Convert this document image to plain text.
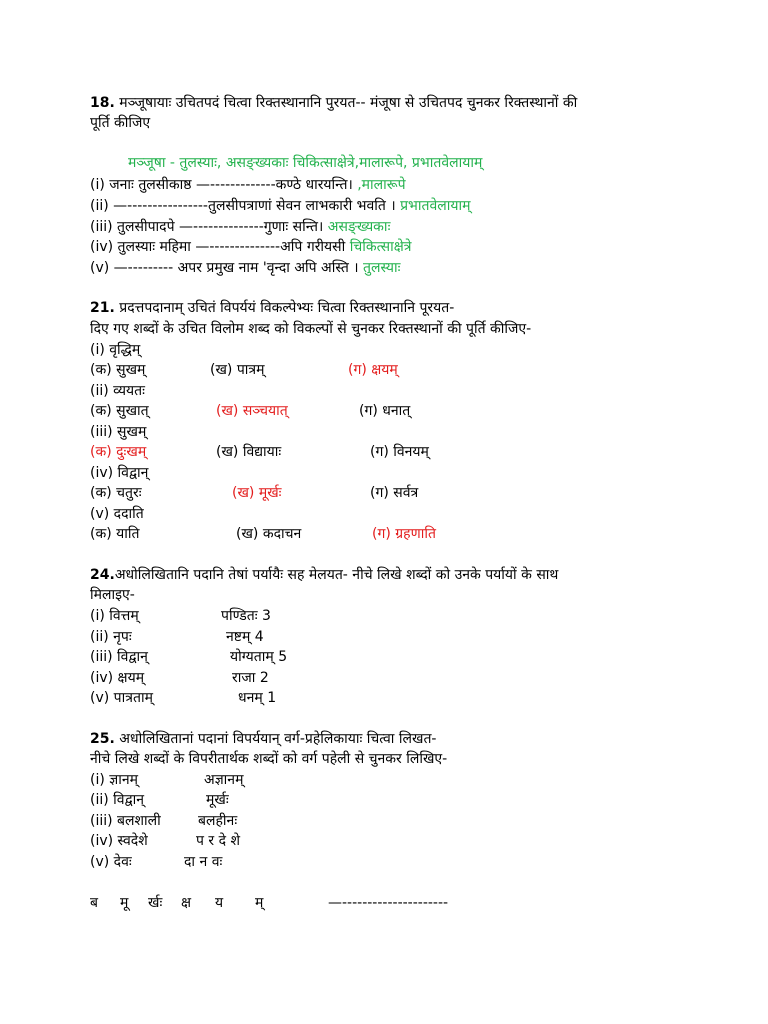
18. मञ्जूषायाः उचितपदं चित्वा रिक्तस्थानानि पुरयत-- मंजूषा से उचितपद चुनकर रिक्तस्थानों की
पूर्ति कीजिए
मञ्जूषा - तुलस्याः, असङ्ख्यकाः चिकित्साक्षेत्रे,मालारूपे, प्रभातवेलायाम्
(i) जनाः तुलसीकाष्ठ —-------------कण्ठे धारयन्ति। ,मालारूपे
(ii) —----------------तुलसीपत्राणां सेवन लाभकारी भवति । प्रभातवेलायाम्
(iii) तुलसीपादपे —--------------गुणाः सन्ति। असङ्ख्यकाः
(iv) तुलस्याः महिमा —--------------अपि गरीयसी चिकित्साक्षेत्रे
(v) —--------- अपर प्रमुख नाम 'वृन्दा अपि अस्ति । तुलस्याः
21. प्रदत्तपदानाम् उचितं विपर्ययं विकल्पेभ्यः चित्वा रिक्तस्थानानि पूरयत-
दिए गए शब्दों के उचित विलोम शब्द को विकल्पों से चुनकर रिक्तस्थानों की पूर्ति कीजिए-
(i) वृद्धिम्
(क) सुखम्	(ख) पात्रम्	(ग) क्षयम्
(ii) व्ययतः
(क) सुखात्	(ख) सञ्चयात्	(ग) धनात्
(iii) सुखम्
(क) दुःखम्	(ख) विद्यायाः	(ग) विनयम्
(iv) विद्वान्
(क) चतुरः	(ख) मूर्खः	(ग) सर्वत्र
(v) ददाति
(क) याति	(ख) कदाचन	(ग) ग्रहणाति
24.अधोलिखितानि पदानि तेषां पर्यायैः सह मेलयत- नीचे लिखे शब्दों को उनके पर्यायों के साथ
मिलाइए-
(i) वित्तम्	पण्डितः 3
(ii) नृपः	नष्टम् 4
(iii) विद्वान्	योग्यताम् 5
(iv) क्षयम्	राजा 2
(v) पात्रताम्	धनम् 1
25. अधोलिखितानां पदानां विपर्ययान् वर्ग-प्रहेलिकायाः चित्वा लिखत-
नीचे लिखे शब्दों के विपरीतार्थक शब्दों को वर्ग पहेली से चुनकर लिखिए-
(i) ज्ञानम्	अज्ञानम्
(ii) विद्वान्	मूर्खः
(iii) बलशाली	बलहीनः
(iv) स्वदेशे	प र दे शे
(v) देवः	दा न वः
ब मू र्खः क्ष य म्	—---------------------
